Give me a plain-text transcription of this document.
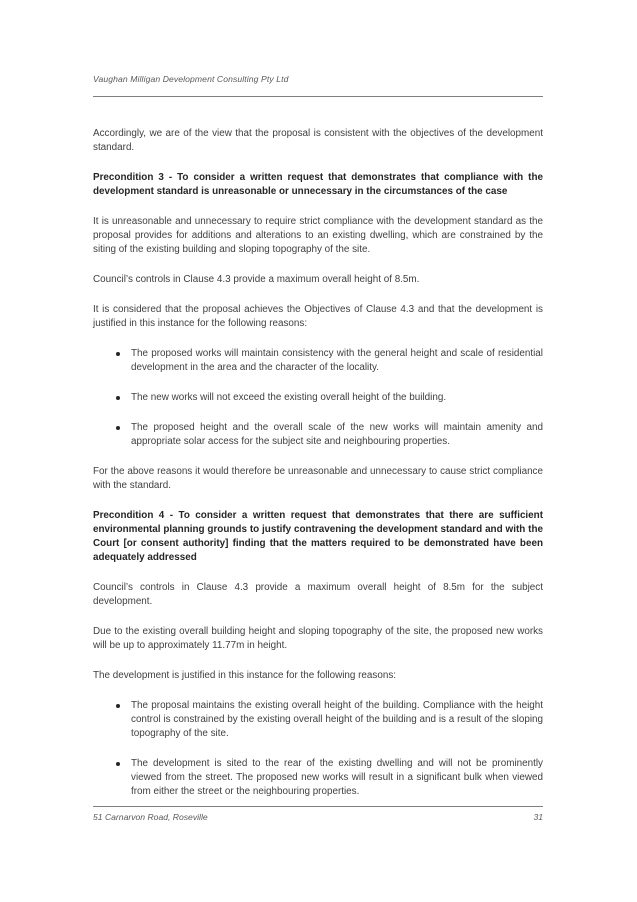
Vaughan Milligan Development Consulting Pty Ltd

Accordingly, we are of the view that the proposal is consistent with the objectives of the development standard.

Precondition 3 - To consider a written request that demonstrates that compliance with the development standard is unreasonable or unnecessary in the circumstances of the case

It is unreasonable and unnecessary to require strict compliance with the development standard as the proposal provides for additions and alterations to an existing dwelling, which are constrained by the siting of the existing building and sloping topography of the site.

Council’s controls in Clause 4.3 provide a maximum overall height of 8.5m.

It is considered that the proposal achieves the Objectives of Clause 4.3 and that the development is justified in this instance for the following reasons:

The proposed works will maintain consistency with the general height and scale of residential development in the area and the character of the locality.
The new works will not exceed the existing overall height of the building.
The proposed height and the overall scale of the new works will maintain amenity and appropriate solar access for the subject site and neighbouring properties.

For the above reasons it would therefore be unreasonable and unnecessary to cause strict compliance with the standard.

Precondition 4 - To consider a written request that demonstrates that there are sufficient environmental planning grounds to justify contravening the development standard and with the Court [or consent authority] finding that the matters required to be demonstrated have been adequately addressed

Council’s controls in Clause 4.3 provide a maximum overall height of 8.5m for the subject development.

Due to the existing overall building height and sloping topography of the site, the proposed new works will be up to approximately 11.77m in height.

The development is justified in this instance for the following reasons:

The proposal maintains the existing overall height of the building. Compliance with the height control is constrained by the existing overall height of the building and is a result of the sloping topography of the site.
The development is sited to the rear of the existing dwelling and will not be prominently viewed from the street. The proposed new works will result in a significant bulk when viewed from either the street or the neighbouring properties.
51 Carnarvon Road, Roseville	31
